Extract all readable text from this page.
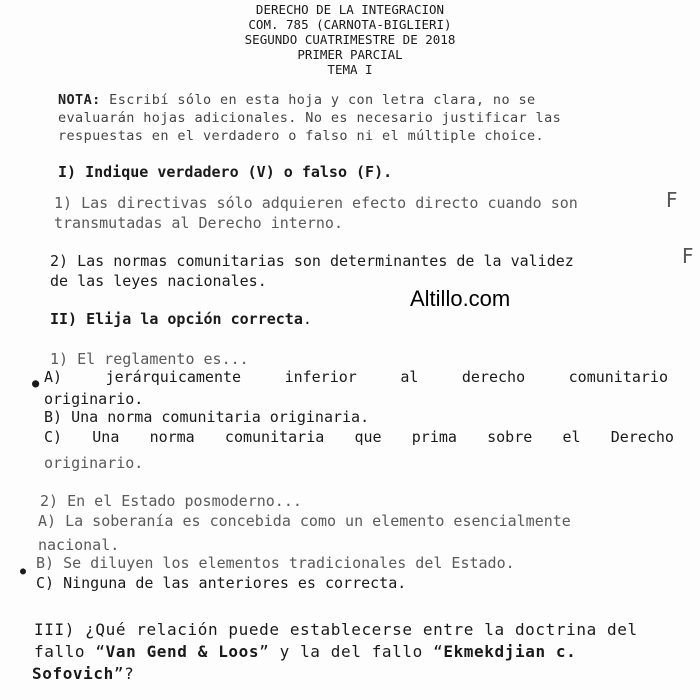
DERECHO DE LA INTEGRACION
COM. 785 (CARNOTA-BIGLIERI)
SEGUNDO CUATRIMESTRE DE 2018
PRIMER PARCIAL
TEMA I
NOTA: Escribí sólo en esta hoja y con letra clara, no se
evaluarán hojas adicionales. No es necesario justificar las
respuestas en el verdadero o falso ni el múltiple choice.
I) Indique verdadero (V) o falso (F).
1) Las directivas sólo adquieren efecto directo cuando son
transmutadas al Derecho interno.
F
2) Las normas comunitarias son determinantes de la validez
de las leyes nacionales.
F
Altillo.com
II) Elija la opción correcta.
1) El reglamento es...
● A)	jerárquicamente	inferior	al	derecho	comunitario
originario.
B) Una norma comunitaria originaria.
C) Una norma comunitaria que prima sobre el Derecho
originario.
2) En el Estado posmoderno...
A) La soberanía es concebida como un elemento esencialmente
nacional.
● B) Se diluyen los elementos tradicionales del Estado.
C) Ninguna de las anteriores es correcta.
III) ¿Qué relación puede establecerse entre la doctrina del
fallo “Van Gend & Loos” y la del fallo “Ekmekdjian c.
Sofovich”?
